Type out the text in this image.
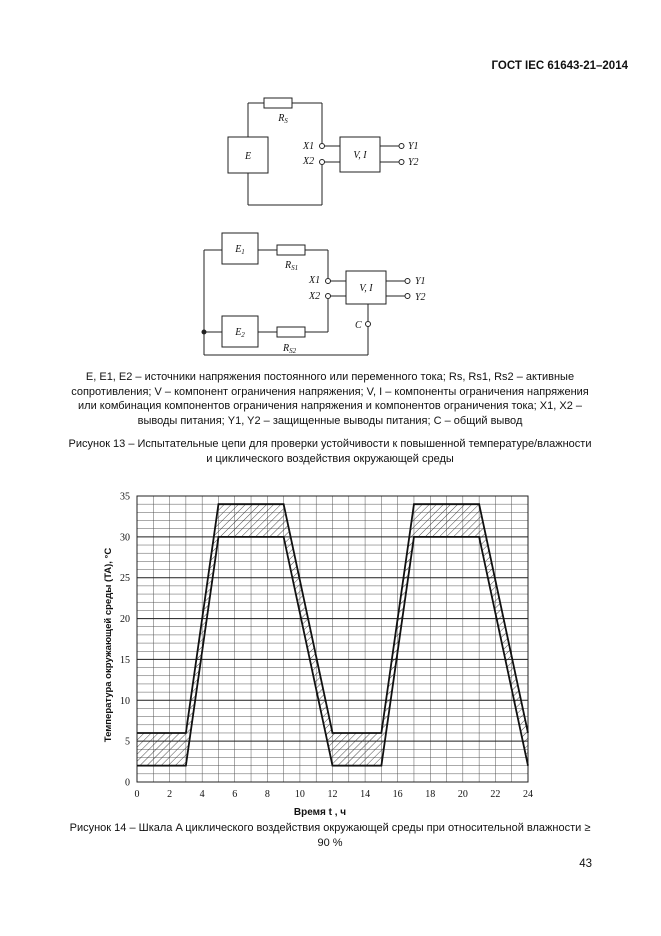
ГОСТ IEC 61643-21–2014
E
$R_S$
X1
X2
V, I
Y1
Y2
$E_1$
$E_2$
$R_{S1}$
$R_{S2}$
X1
X2
V, I
C
Y1
Y2
E, E1, E2 – источники напряжения постоянного или переменного тока; Rs, Rs1, Rs2 – активные
сопротивления; V – компонент ограничения напряжения; V, I – компоненты ограничения напряжения
или комбинация компонентов ограничения напряжения и компонентов ограничения тока; X1, X2 –
выводы питания; Y1, Y2 – защищенные выводы питания; C – общий вывод
Рисунок 13 – Испытательные цепи для проверки устойчивости к повышенной температуре/влажности
и циклического воздействия окружающей среды
0	2	4	6	8	10 12 14 16 18 20 22 24
0
5
10
15
20
25
30
35
Температура окружающей среды (TA), °C
Время t , ч
Рисунок 14 – Шкала A циклического воздействия окружающей среды при относительной влажности ≥
90 %
43
